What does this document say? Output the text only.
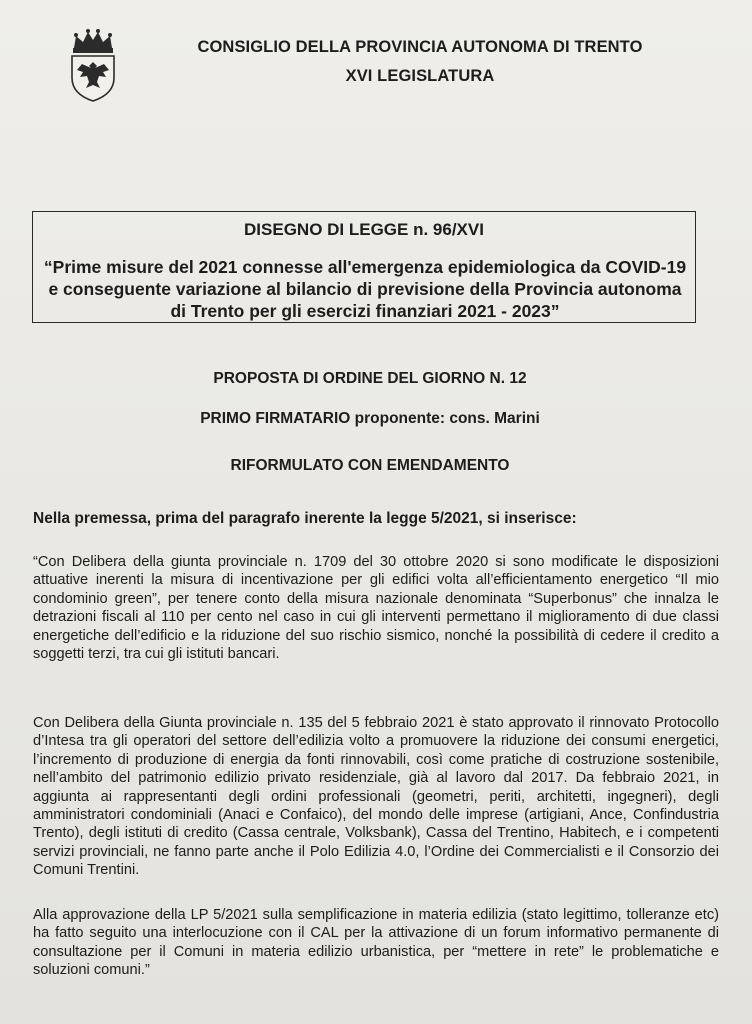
CONSIGLIO DELLA PROVINCIA AUTONOMA DI TRENTO
XVI LEGISLATURA
DISEGNO DI LEGGE n. 96/XVI
“Prime misure del 2021 connesse all'emergenza epidemiologica da COVID-19 e conseguente variazione al bilancio di previsione della Provincia autonoma di Trento per gli esercizi finanziari 2021 - 2023”
PROPOSTA DI ORDINE DEL GIORNO N. 12
PRIMO FIRMATARIO proponente: cons. Marini
RIFORMULATO CON EMENDAMENTO
Nella premessa, prima del paragrafo inerente la legge 5/2021, si inserisce:
“Con Delibera della giunta provinciale n. 1709 del 30 ottobre 2020 si sono modificate le disposizioni attuative inerenti la misura di incentivazione per gli edifici volta all’efficientamento energetico “Il mio condominio green”, per tenere conto della misura nazionale denominata “Superbonus” che innalza le detrazioni fiscali al 110 per cento nel caso in cui gli interventi permettano il miglioramento di due classi energetiche dell’edificio e la riduzione del suo rischio sismico, nonché la possibilità di cedere il credito a soggetti terzi, tra cui gli istituti bancari.
Con Delibera della Giunta provinciale n. 135 del 5 febbraio 2021 è stato approvato il rinnovato Protocollo d’Intesa tra gli operatori del settore dell’edilizia volto a promuovere la riduzione dei consumi energetici, l’incremento di produzione di energia da fonti rinnovabili, così come pratiche di costruzione sostenibile, nell’ambito del patrimonio edilizio privato residenziale, già al lavoro dal 2017. Da febbraio 2021, in aggiunta ai rappresentanti degli ordini professionali (geometri, periti, architetti, ingegneri), degli amministratori condominiali (Anaci e Confaico), del mondo delle imprese (artigiani, Ance, Confindustria Trento), degli istituti di credito (Cassa centrale, Volksbank), Cassa del Trentino, Habitech, e i competenti servizi provinciali, ne fanno parte anche il Polo Edilizia 4.0, l’Ordine dei Commercialisti e il Consorzio dei Comuni Trentini.
Alla approvazione della LP 5/2021 sulla semplificazione in materia edilizia (stato legittimo, tolleranze etc) ha fatto seguito una interlocuzione con il CAL per la attivazione di un forum informativo permanente di consultazione per il Comuni in materia edilizio urbanistica, per “mettere in rete” le problematiche e soluzioni comuni.”
